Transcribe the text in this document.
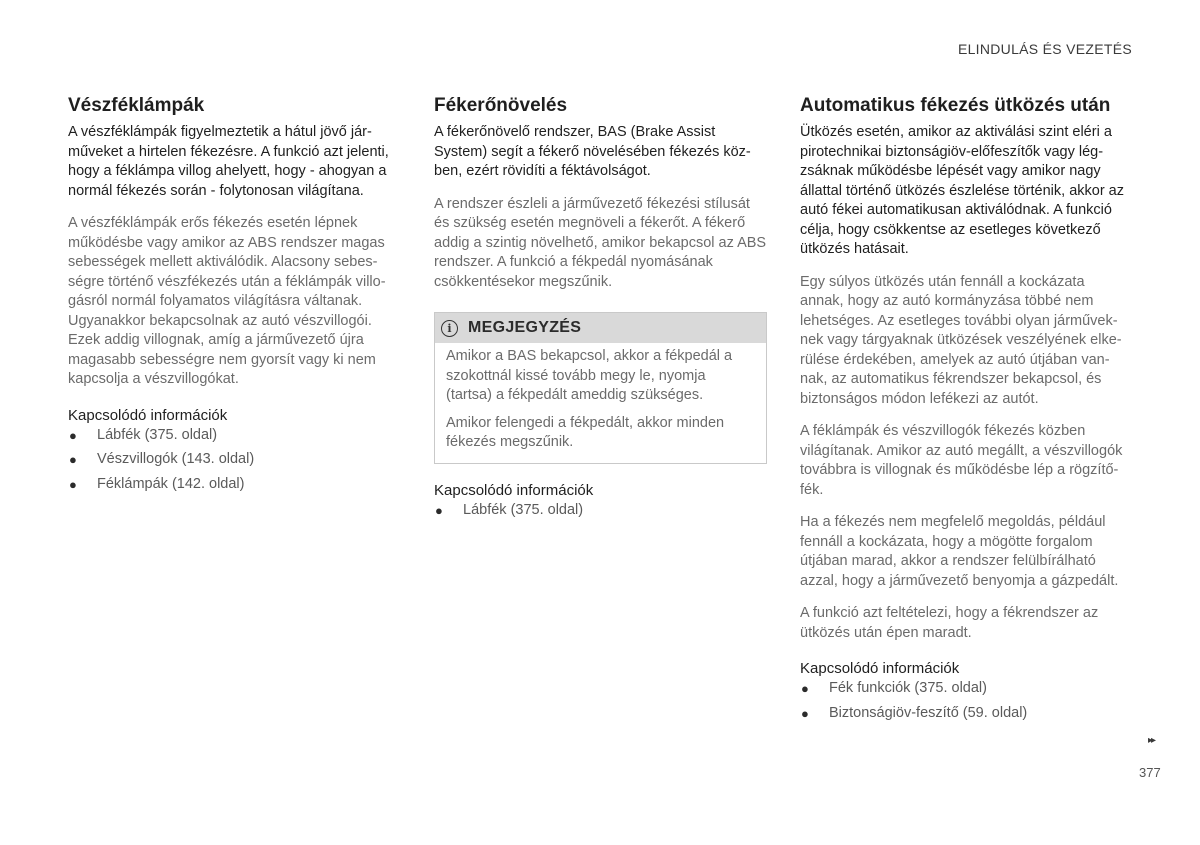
ELINDULÁS ÉS VEZETÉS
Vészféklámpák

A vészféklámpák figyelmeztetik a hátul jövő járműveket a hirtelen fékezésre. A funkció azt jelenti, hogy a féklámpa villog ahelyett, hogy - ahogyan a normál fékezés során - folytonosan világítana.

A vészféklámpák erős fékezés esetén lépnek működésbe vagy amikor az ABS rendszer magas sebességek mellett aktiválódik. Alacsony sebességre történő vészfékezés után a féklámpák villogásról normál folyamatos világításra váltanak. Ugyanakkor bekapcsolnak az autó vészvillogói. Ezek addig villognak, amíg a járművezető újra magasabb sebességre nem gyorsít vagy ki nem kapcsolja a vészvillogókat.

Kapcsolódó információk
● Lábfék (375. oldal)
● Vészvillogók (143. oldal)
● Féklámpák (142. oldal)
Fékerőnövelés

A fékerőnövelő rendszer, BAS (Brake Assist System) segít a fékerő növelésében fékezés közben, ezért rövidíti a féktávolságot.

A rendszer észleli a járművezető fékezési stílusát és szükség esetén megnöveli a fékerőt. A fékerő addig a szintig növelhető, amikor bekapcsol az ABS rendszer. A funkció a fékpedál nyomásának csökkentésekor megszűnik.

i	MEGJEGYZÉS

Amikor a BAS bekapcsol, akkor a fékpedál a szokottnál kissé tovább megy le, nyomja (tartsa) a fékpedált ameddig szükséges.

Amikor felengedi a fékpedált, akkor minden fékezés megszűnik.

Kapcsolódó információk
● Lábfék (375. oldal)
Automatikus fékezés ütközés után

Ütközés esetén, amikor az aktiválási szint eléri a pirotechnikai biztonságiöv-előfeszítők vagy légzsáknak működésbe lépését vagy amikor nagy állattal történő ütközés észlelése történik, akkor az autó fékei automatikusan aktiválódnak. A funkció célja, hogy csökkentse az esetleges következő ütközés hatásait.

Egy súlyos ütközés után fennáll a kockázata annak, hogy az autó kormányzása többé nem lehetséges. Az esetleges további olyan járműveknek vagy tárgyaknak ütközések veszélyének elkerülése érdekében, amelyek az autó útjában vannak, az automatikus fékrendszer bekapcsol, és biztonságos módon lefékezi az autót.

A féklámpák és vészvillogók fékezés közben világítanak. Amikor az autó megállt, a vészvillogók továbbra is villognak és működésbe lép a rögzítőfék.

Ha a fékezés nem megfelelő megoldás, például fennáll a kockázata, hogy a mögötte forgalom útjában marad, akkor a rendszer felülbírálható azzal, hogy a járművezető benyomja a gázpedált.

A funkció azt feltételezi, hogy a fékrendszer az ütközés után épen maradt.

Kapcsolódó információk
● Fék funkciók (375. oldal)
● Biztonságiöv-feszítő (59. oldal)
▸▸
377
